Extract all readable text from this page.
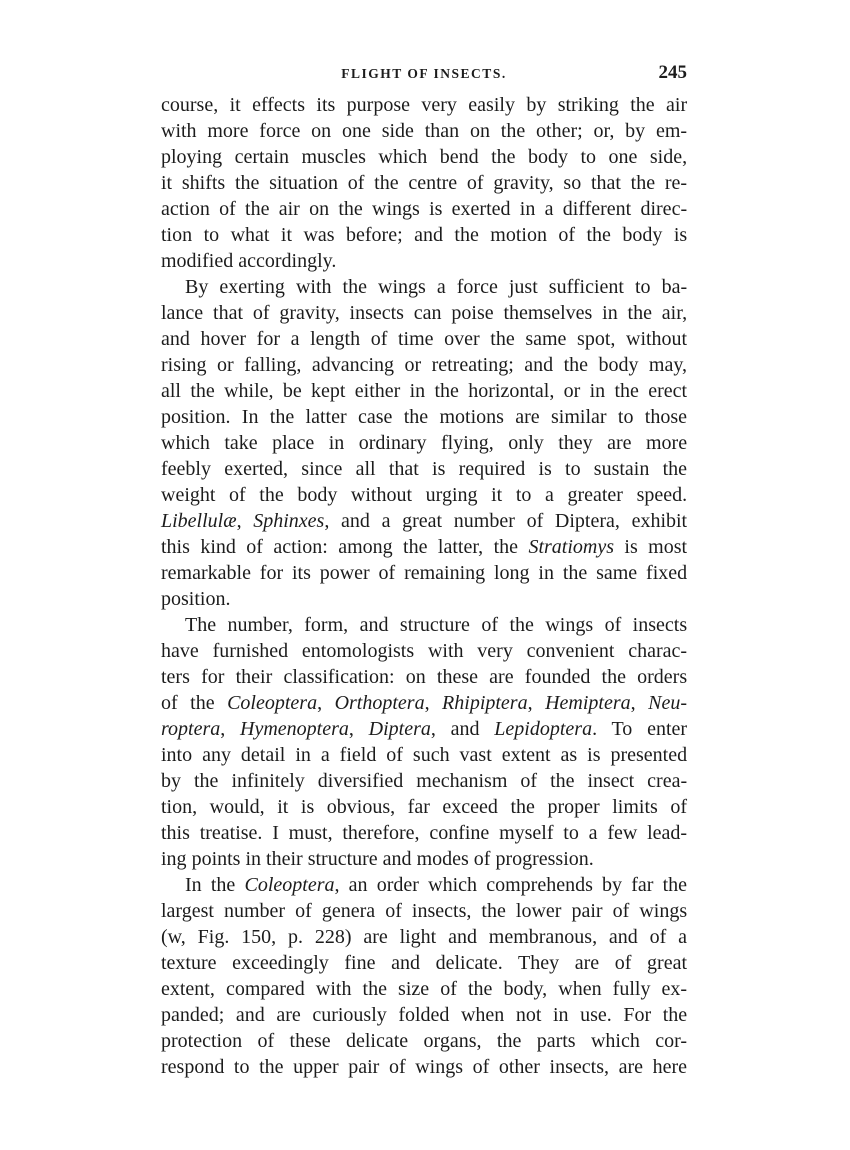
FLIGHT OF INSECTS.	245
course, it effects its purpose very easily by striking the air
with more force on one side than on the other; or, by em-
ploying certain muscles which bend the body to one side,
it shifts the situation of the centre of gravity, so that the re-
action of the air on the wings is exerted in a different direc-
tion to what it was before; and the motion of the body is
modified accordingly.
By exerting with the wings a force just sufficient to ba-
lance that of gravity, insects can poise themselves in the air,
and hover for a length of time over the same spot, without
rising or falling, advancing or retreating; and the body may,
all the while, be kept either in the horizontal, or in the erect
position. In the latter case the motions are similar to those
which take place in ordinary flying, only they are more
feebly exerted, since all that is required is to sustain the
weight of the body without urging it to a greater speed.
Libellulæ, Sphinxes, and a great number of Diptera, exhibit
this kind of action: among the latter, the Stratiomys is most
remarkable for its power of remaining long in the same fixed
position.
The number, form, and structure of the wings of insects
have furnished entomologists with very convenient charac-
ters for their classification: on these are founded the orders
of the Coleoptera, Orthoptera, Rhipiptera, Hemiptera, Neu-
roptera, Hymenoptera, Diptera, and Lepidoptera. To enter
into any detail in a field of such vast extent as is presented
by the infinitely diversified mechanism of the insect crea-
tion, would, it is obvious, far exceed the proper limits of
this treatise. I must, therefore, confine myself to a few lead-
ing points in their structure and modes of progression.
In the Coleoptera, an order which comprehends by far the
largest number of genera of insects, the lower pair of wings
(w, Fig. 150, p. 228) are light and membranous, and of a
texture exceedingly fine and delicate. They are of great
extent, compared with the size of the body, when fully ex-
panded; and are curiously folded when not in use. For the
protection of these delicate organs, the parts which cor-
respond to the upper pair of wings of other insects, are here
